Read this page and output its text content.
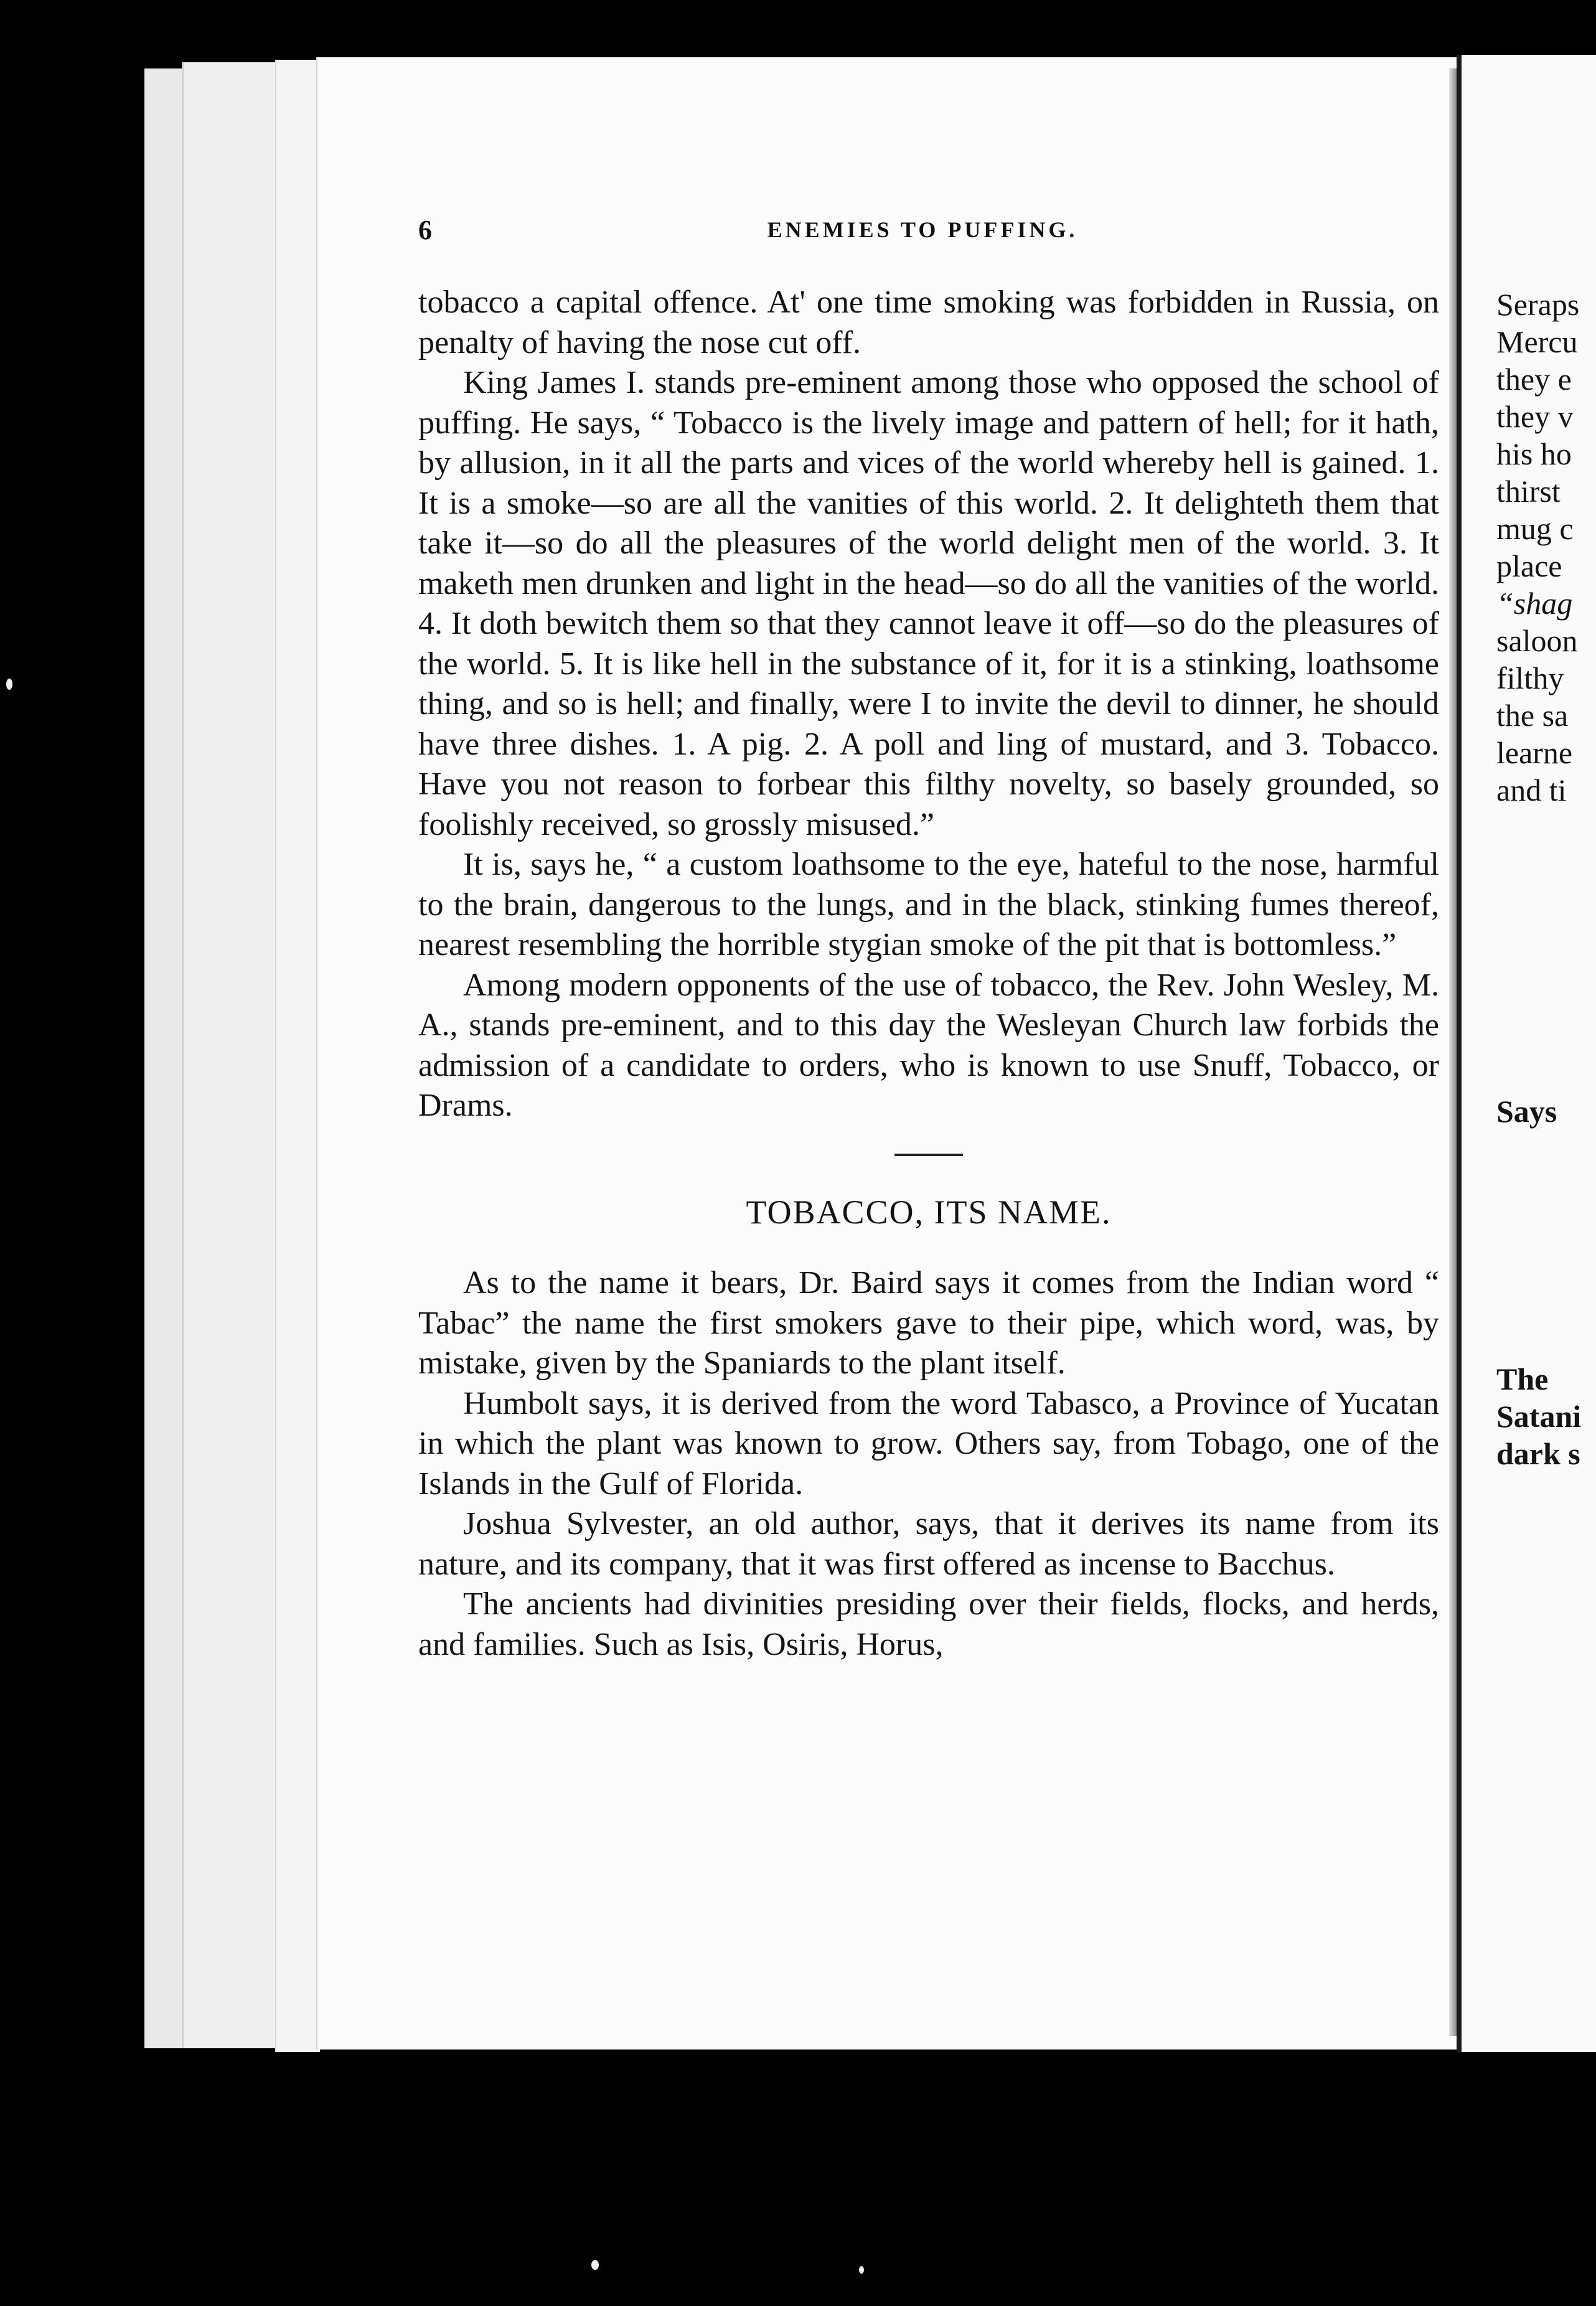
6	ENEMIES TO PUFFING.

tobacco a capital offence. At' one time smoking was forbidden in Russia, on penalty of having the nose cut off.

King James I. stands pre-eminent among those who opposed the school of puffing. He says, “ Tobacco is the lively image and pattern of hell; for it hath, by allusion, in it all the parts and vices of the world whereby hell is gained. 1. It is a smoke—so are all the vanities of this world. 2. It delighteth them that take it—so do all the pleasures of the world delight men of the world. 3. It maketh men drunken and light in the head—so do all the vanities of the world. 4. It doth bewitch them so that they cannot leave it off—so do the pleasures of the world. 5. It is like hell in the substance of it, for it is a stinking, loathsome thing, and so is hell; and finally, were I to invite the devil to dinner, he should have three dishes. 1. A pig. 2. A poll and ling of mustard, and 3. Tobacco. Have you not reason to forbear this filthy novelty, so basely grounded, so foolishly received, so grossly misused.”

It is, says he, “ a custom loathsome to the eye, hateful to the nose, harmful to the brain, dangerous to the lungs, and in the black, stinking fumes thereof, nearest resembling the horrible stygian smoke of the pit that is bottomless.”

Among modern opponents of the use of tobacco, the Rev. John Wesley, M. A., stands pre-eminent, and to this day the Wesleyan Church law forbids the admission of a candidate to orders, who is known to use Snuff, Tobacco, or Drams.

TOBACCO, ITS NAME.

As to the name it bears, Dr. Baird says it comes from the Indian word “ Tabac” the name the first smokers gave to their pipe, which word, was, by mistake, given by the Spaniards to the plant itself.

Humbolt says, it is derived from the word Tabasco, a Province of Yucatan in which the plant was known to grow. Others say, from Tobago, one of the Islands in the Gulf of Florida.

Joshua Sylvester, an old author, says, that it derives its name from its nature, and its company, that it was first offered as incense to Bacchus.

The ancients had divinities presiding over their fields, flocks, and herds, and families. Such as Isis, Osiris, Horus,

Seraps
Mercu
they e
they v
his ho
thirst
mug c
place
“shag
saloon
filthy
the sa
learne
and ti
Says
The
Satani
dark s
